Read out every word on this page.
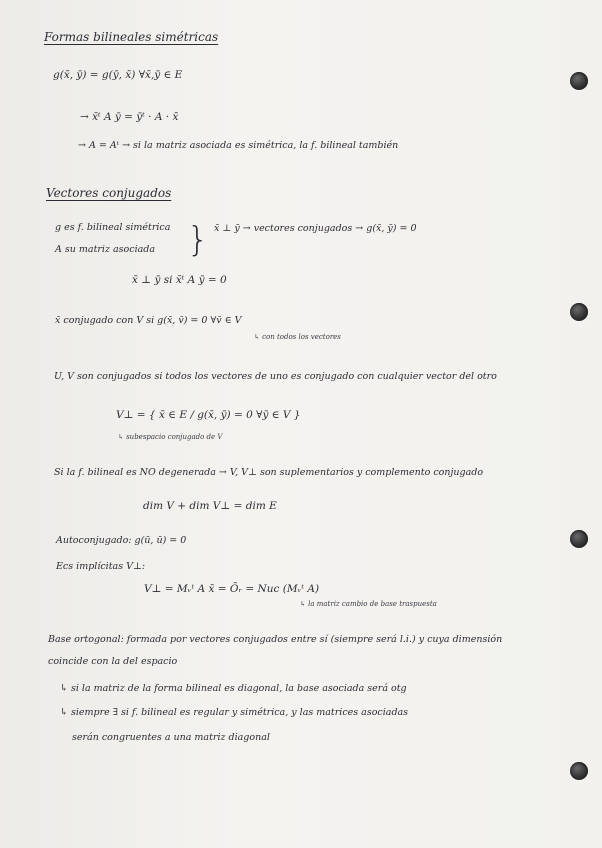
Formas bilineales simétricas
g(x̄, ȳ) = g(ȳ, x̄) ∀x̄,ȳ ∈ E
→ x̄ᵗ A ȳ = ȳᵗ · A · x̄
→ A = Aᵗ → si la matriz asociada es simétrica, la f. bilineal también
Vectores conjugados
g es f. bilineal simétrica
A su matriz asociada } x̄ ⊥ ȳ → vectores conjugados → g(x̄, ȳ) = 0
x̄ ⊥ ȳ si x̄ᵗ A ȳ = 0
x̄ conjugado con V si g(x̄, v̄) = 0 ∀v̄ ∈ V
↳ con todos los vectores
U, V son conjugados si todos los vectores de uno es conjugado con cualquier vector del otro
V⊥ = { x̄ ∈ E / g(x̄, ȳ) = 0 ∀ȳ ∈ V }
↳ subespacio conjugado de V
Si la f. bilineal es NO degenerada → V, V⊥ son suplementarios y complemento conjugado
dim V + dim V⊥ = dim E
Autoconjugado: g(ū, ū) = 0
Ecs implícitas V⊥:
V⊥ = Mᵥᵗ A x̄ = Ōᵣ = Nuc (Mᵥᵗ A)
↳ la matriz cambio de base traspuesta
Base ortogonal: formada por vectores conjugados entre sí (siempre será l.i.) y cuya dimensión
coincide con la del espacio
↳ si la matriz de la forma bilineal es diagonal, la base asociada será otg
↳ siempre ∃ si f. bilineal es regular y simétrica, y las matrices asociadas
serán congruentes a una matriz diagonal
